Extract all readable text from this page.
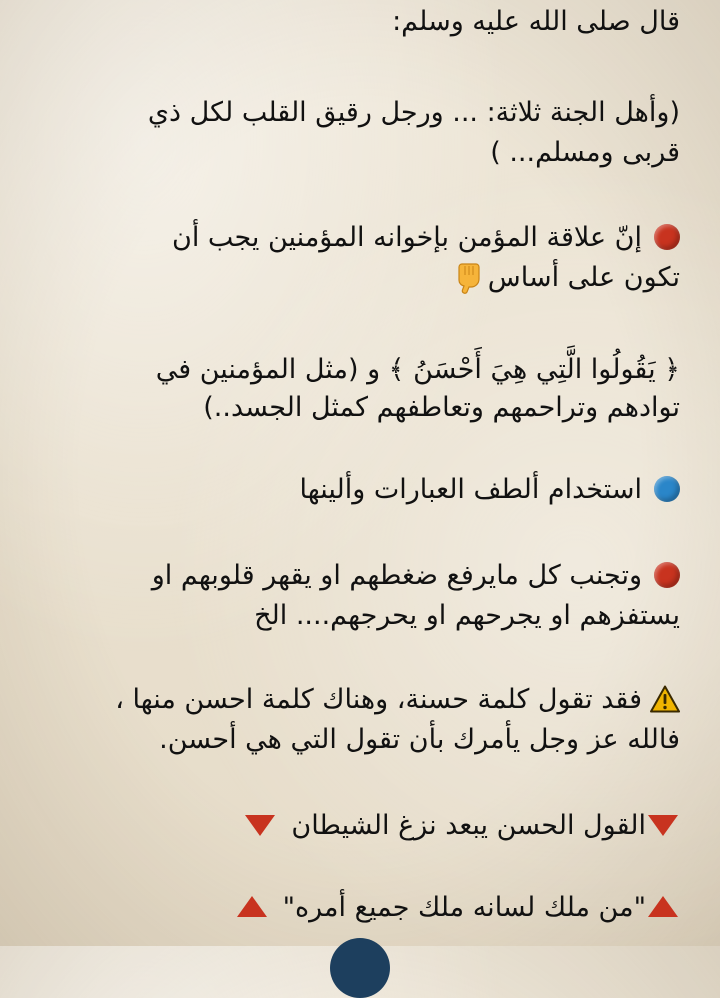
قال صلى الله عليه وسلم:
(وأهل الجنة ثلاثة: ... ورجل رقيق القلب لكل ذي
قربى ومسلم... )
إنّ علاقة المؤمن بإخوانه المؤمنين يجب أن
تكون على أساس
﴿ يَقُولُوا الَّتِي هِيَ أَحْسَنُ ﴾ و (مثل المؤمنين في
توادهم وتراحمهم وتعاطفهم كمثل الجسد..)
استخدام ألطف العبارات وألينها
وتجنب كل مايرفع ضغطهم او يقهر قلوبهم او
يستفزهم او يجرحهم او يحرجهم.... الخ
فقد تقول كلمة حسنة، وهناك كلمة احسن منها ،
فالله عز وجل يأمرك بأن تقول التي هي أحسن.
القول الحسن يبعد نزغ الشيطان
"من ملك لسانه ملك جميع أمره"
